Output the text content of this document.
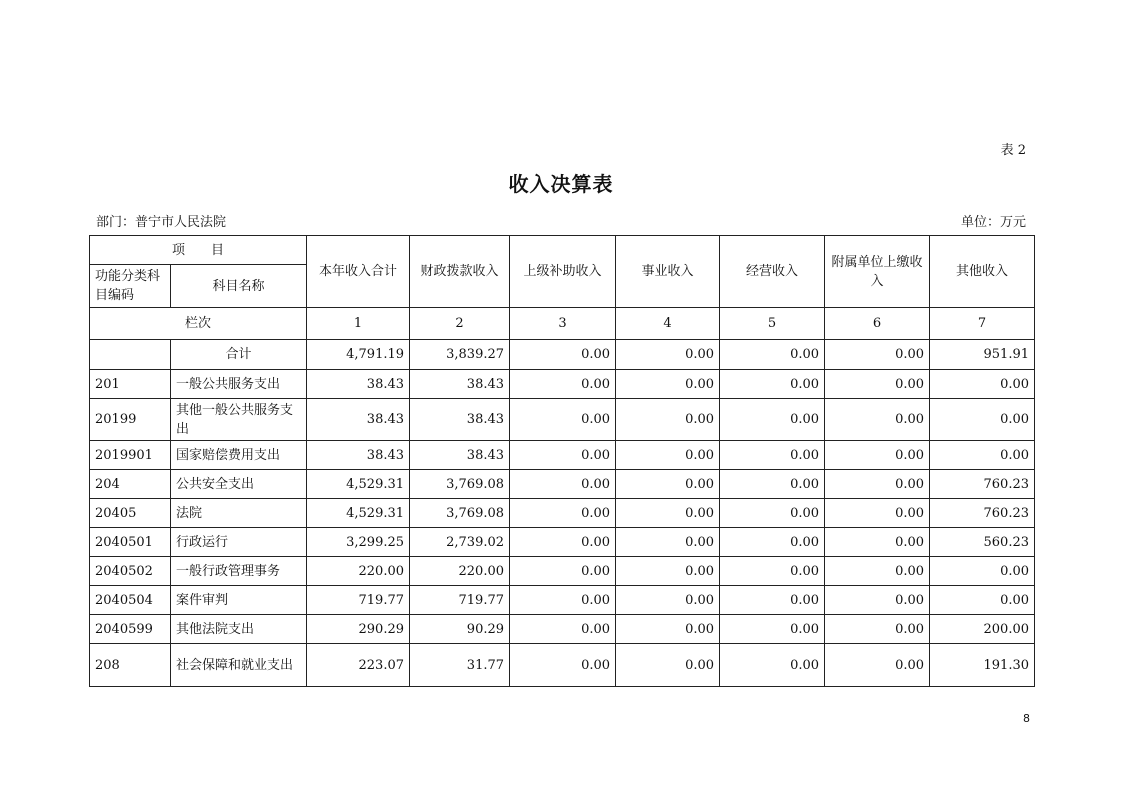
表 2
收入决算表
部门：普宁市人民法院	单位：万元
项　　目		本年收入合计	财政拨款收入	上级补助收入	事业收入	经营收入	附属单位上缴收入	其他收入
功能分类科目编码	科目名称							
栏次		1	2	3	4	5	6	7
	合计	4,791.19	3,839.27	0.00	0.00	0.00	0.00	951.91
201	一般公共服务支出	38.43	38.43	0.00	0.00	0.00	0.00	0.00
20199	其他一般公共服务支出	38.43	38.43	0.00	0.00	0.00	0.00	0.00
2019901	国家赔偿费用支出	38.43	38.43	0.00	0.00	0.00	0.00	0.00
204	公共安全支出	4,529.31	3,769.08	0.00	0.00	0.00	0.00	760.23
20405	法院	4,529.31	3,769.08	0.00	0.00	0.00	0.00	760.23
2040501	行政运行	3,299.25	2,739.02	0.00	0.00	0.00	0.00	560.23
2040502	一般行政管理事务	220.00	220.00	0.00	0.00	0.00	0.00	0.00
2040504	案件审判	719.77	719.77	0.00	0.00	0.00	0.00	0.00
2040599	其他法院支出	290.29	90.29	0.00	0.00	0.00	0.00	200.00
208	社会保障和就业支出	223.07	31.77	0.00	0.00	0.00	0.00	191.30
8
